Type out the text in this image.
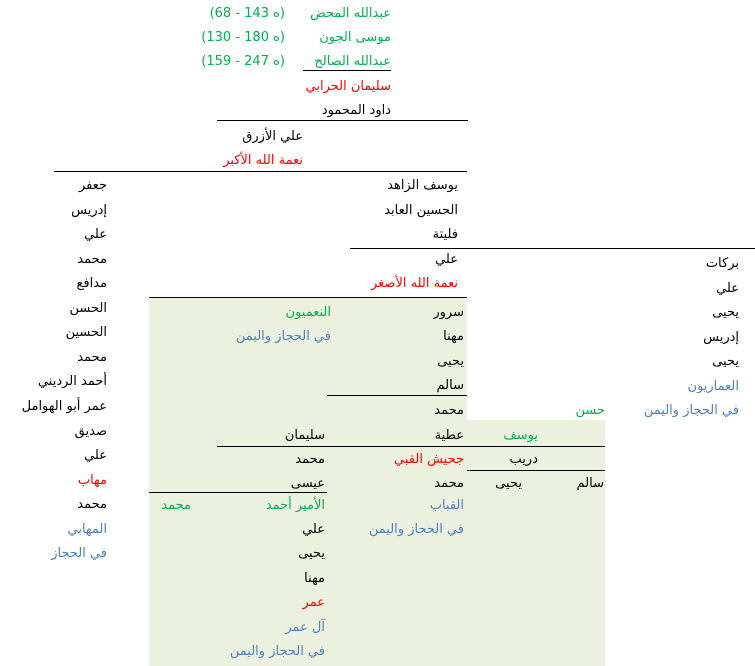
عبدالله المحض
(ه 143 - 68)
موسى الجون
(ه 180 - 130)
عبدالله الصالح
(ه 247 - 159)
سليمان الحرابي
داود المحمود
علي الأزرق
نعمة الله الأكبر
جعفر
إدريس
علي
محمد
مدافع
الحسن
الحسين
محمد
أحمد الرديني
عمر أبو الهوامل
صديق
علي
مهاب
محمد
المهابي
في الحجاز
يوسف الزاهد
الحسين العابد
فليتة
علي
نعمة الله الأصغر
بركات
علي
يحيى
إدريس
يحيى
العماريون
في الحجاز واليمن
سرور
مهنا
يحيى
سالم
محمد
عطية
جحيش القبي
محمد
علي
يحيى
مهنا
عمر
آل عمر
في الحجاز واليمن
النعميون
في الحجاز واليمن
حسن
يوسف
دريب
سالم
يحيى
سليمان
محمد
عيسى
القباب
في الحجاز واليمن
الأمير أحمد
محمد
